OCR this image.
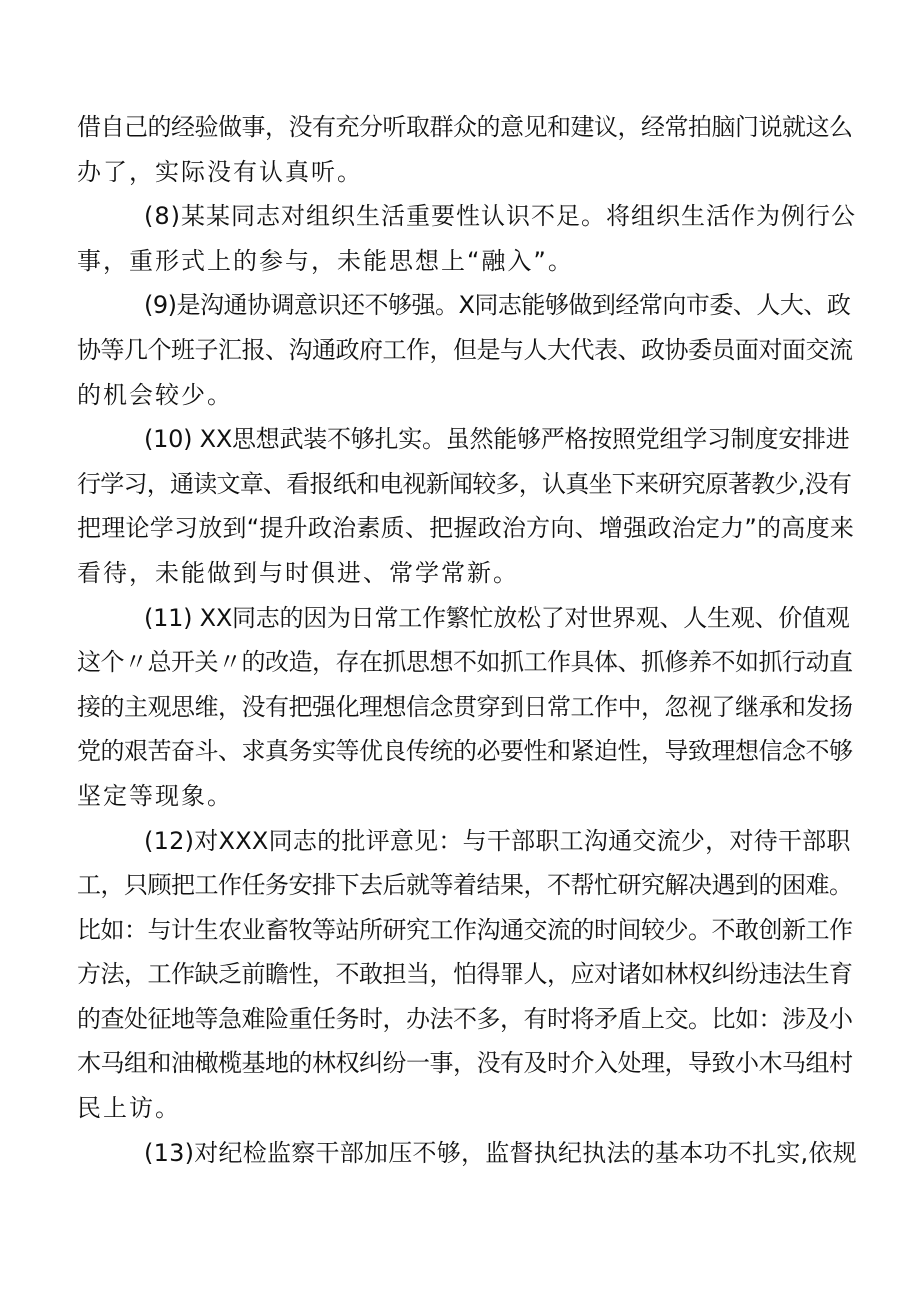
借自己的经验做事，没有充分听取群众的意见和建议，经常拍脑门说就这么
办了，实际没有认真听。
(8)某某同志对组织生活重要性认识不足。将组织生活作为例行公
事，重形式上的参与，未能思想上“融入”。
(9)是沟通协调意识还不够强。X同志能够做到经常向市委、人大、政
协等几个班子汇报、沟通政府工作，但是与人大代表、政协委员面对面交流
的机会较少。
(10) XX思想武装不够扎实。虽然能够严格按照党组学习制度安排进
行学习，通读文章、看报纸和电视新闻较多，认真坐下来研究原著教少,没有
把理论学习放到“提升政治素质、把握政治方向、增强政治定力”的高度来
看待，未能做到与时俱进、常学常新。
(11) XX同志的因为日常工作繁忙放松了对世界观、人生观、价值观
这个〃总开关〃的改造，存在抓思想不如抓工作具体、抓修养不如抓行动直
接的主观思维，没有把强化理想信念贯穿到日常工作中，忽视了继承和发扬
党的艰苦奋斗、求真务实等优良传统的必要性和紧迫性，导致理想信念不够
坚定等现象。
(12)对XXX同志的批评意见：与干部职工沟通交流少，对待干部职
工，只顾把工作任务安排下去后就等着结果，不帮忙研究解决遇到的困难。
比如：与计生农业畜牧等站所研究工作沟通交流的时间较少。不敢创新工作
方法，工作缺乏前瞻性，不敢担当，怕得罪人，应对诸如林权纠纷违法生育
的查处征地等急难险重任务时，办法不多，有时将矛盾上交。比如：涉及小
木马组和油橄榄基地的林权纠纷一事，没有及时介入处理，导致小木马组村
民上访。
(13)对纪检监察干部加压不够，监督执纪执法的基本功不扎实,依规
